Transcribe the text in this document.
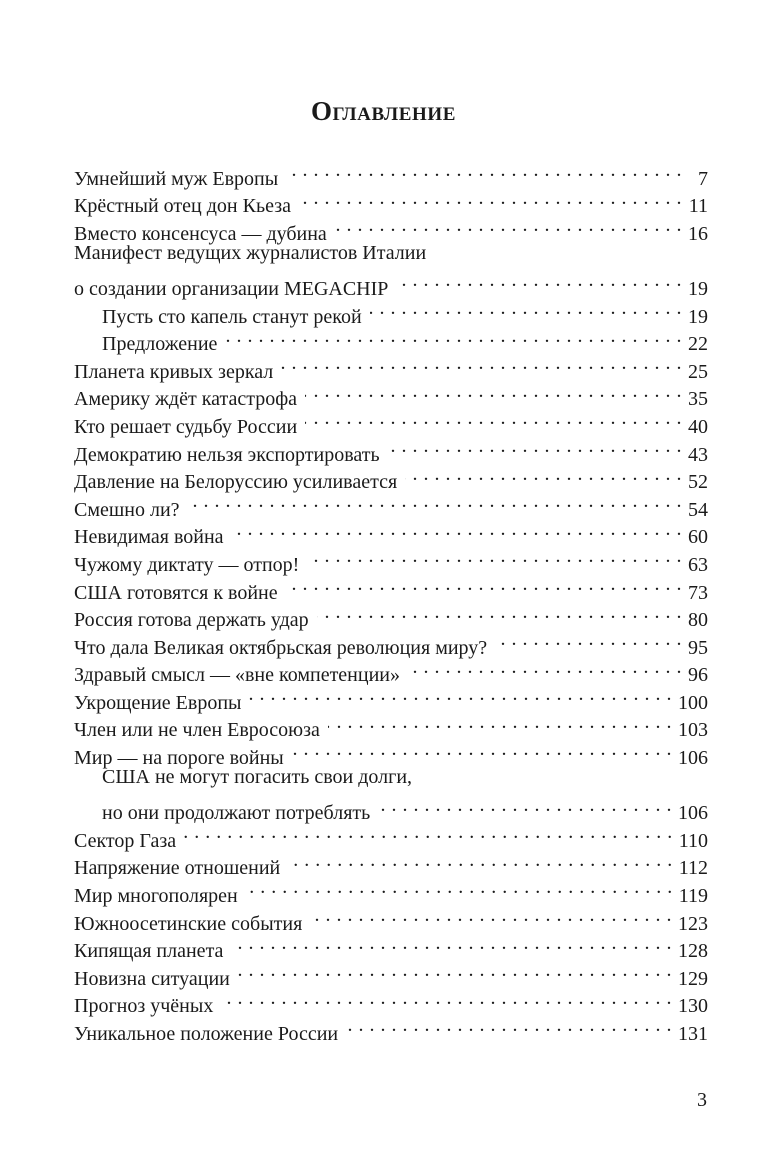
Оглавление
Умнейший муж Европы . . .	7
Крёстный отец дон Кьеза . . .	11
Вместо консенсуса — дубина . . .	16
Манифест ведущих журналистов Италии
о создании организации MEGACHIP . . .	19
Пусть сто капель станут рекой . . .	19
Предложение . . .	22
Планета кривых зеркал . . .	25
Америку ждёт катастрофа . . .	35
Кто решает судьбу России . . .	40
Демократию нельзя экспортировать . . .	43
Давление на Белоруссию усиливается . . .	52
Смешно ли? . . .	54
Невидимая война . . .	60
Чужому диктату — отпор! . . .	63
США готовятся к войне . . .	73
Россия готова держать удар . . .	80
Что дала Великая октябрьская революция миру? . . .	95
Здравый смысл — «вне компетенции» . . .	96
Укрощение Европы . . .	100
Член или не член Евросоюза . . .	103
Мир — на пороге войны . . .	106
США не могут погасить свои долги,
но они продолжают потреблять . . .	106
Сектор Газа . . .	110
Напряжение отношений . . .	112
Мир многополярен . . .	119
Южноосетинские события . . .	123
Кипящая планета . . .	128
Новизна ситуации . . .	129
Прогноз учёных . . .	130
Уникальное положение России . . .	131
3
